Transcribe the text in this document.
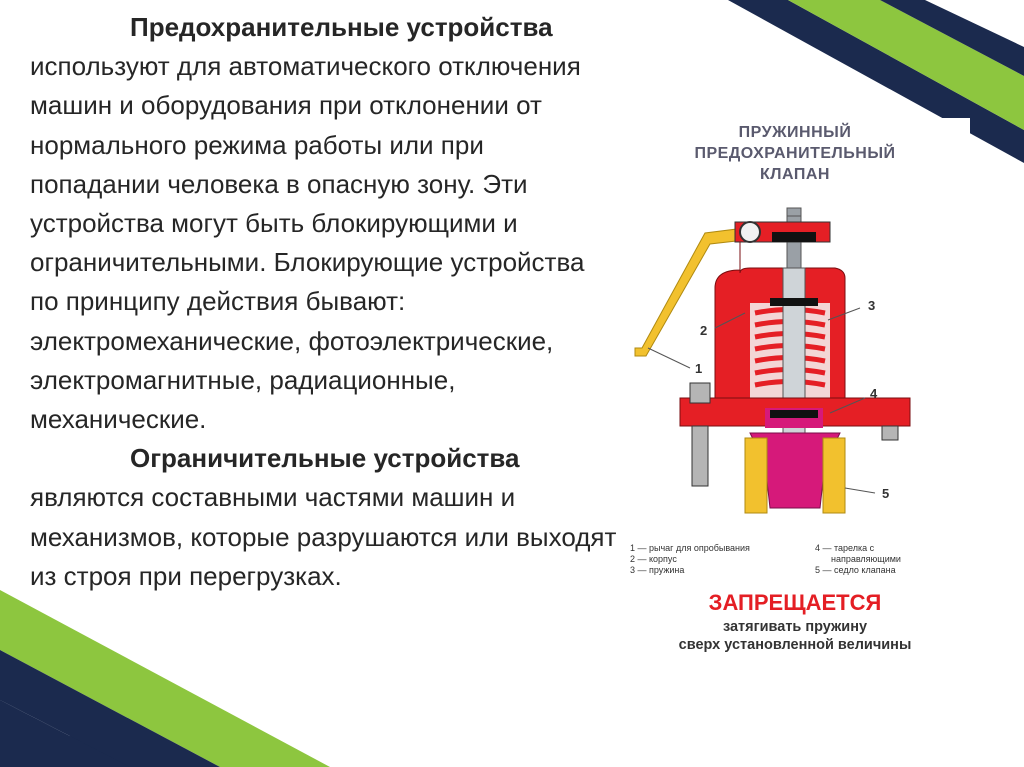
Предохранительные устройства используют для автоматического отключения машин и оборудования при отклонении от нормального режима работы или при попадании человека в опасную зону. Эти устройства могут быть блокирующими и ограничительными. Блокирующие устройства по принципу действия бывают: электромеханические, фотоэлектрические, электромагнитные, радиационные, механические.

Ограничительные устройства являются составными частями машин и механизмов, которые разрушаются или выходят из строя при перегрузках.

ПРУЖИННЫЙ
ПРЕДОХРАНИТЕЛЬНЫЙ
КЛАПАН
1
2
3
4
5
1 — рычаг для опробывания
2 — корпус
3 — пружина
4 — тарелка с
направляющими
5 — седло клапана
ЗАПРЕЩАЕТСЯ
затягивать пружину
сверх установленной величины
